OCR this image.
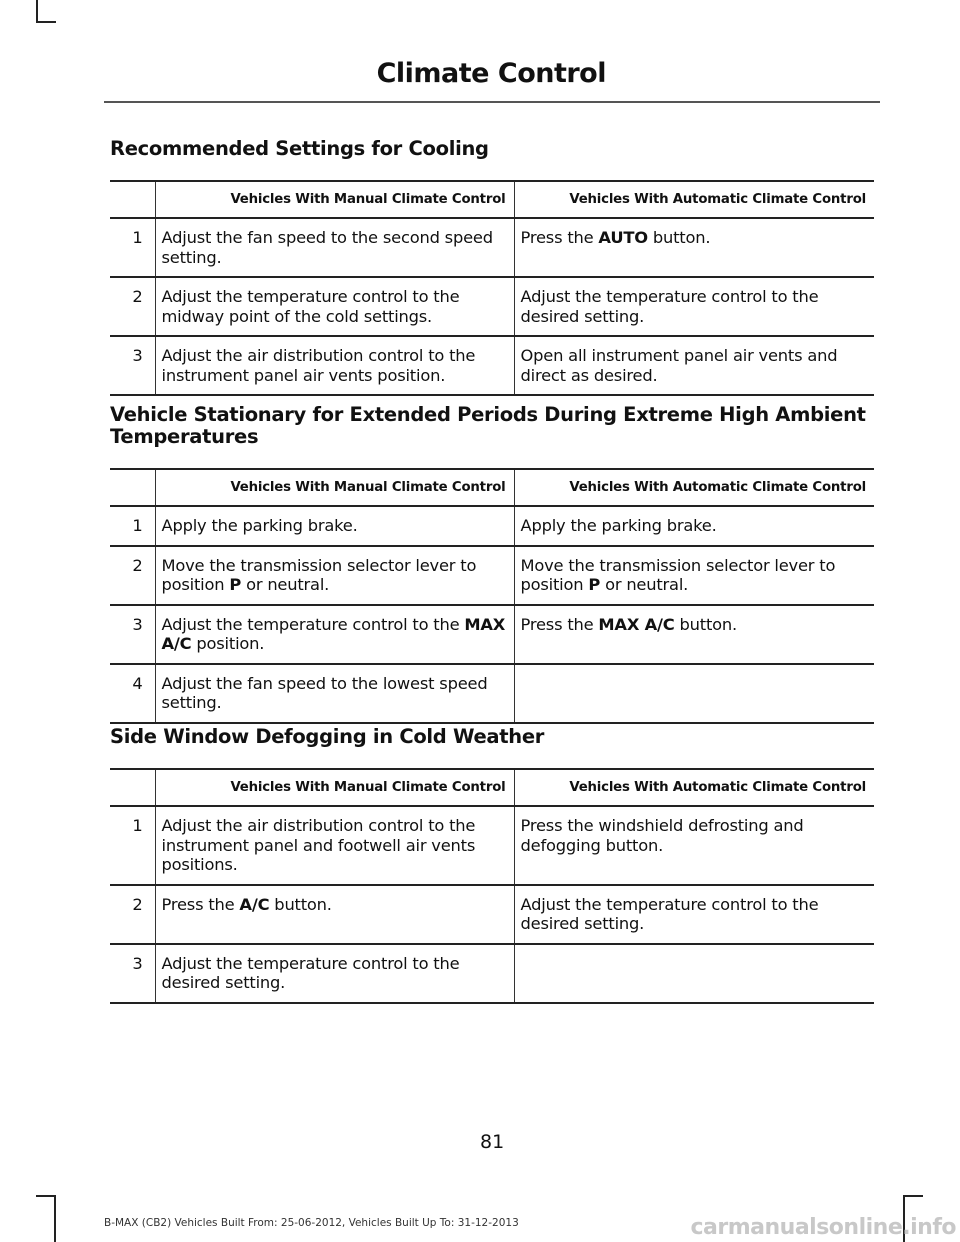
Climate Control
Recommended Settings for Cooling
	Vehicles With Manual Climate Control	Vehicles With Automatic Climate Control
1	Adjust the fan speed to the second speed setting.	Press the AUTO button.
2	Adjust the temperature control to the midway point of the cold settings.	Adjust the temperature control to the desired setting.
3	Adjust the air distribution control to the instrument panel air vents position.	Open all instrument panel air vents and direct as desired.
Vehicle Stationary for Extended Periods During Extreme High Ambient Temperatures
	Vehicles With Manual Climate Control	Vehicles With Automatic Climate Control
1	Apply the parking brake.	Apply the parking brake.
2	Move the transmission selector lever to position P or neutral.	Move the transmission selector lever to position P or neutral.
3	Adjust the temperature control to the MAX A/C position.	Press the MAX A/C button.
4	Adjust the fan speed to the lowest speed setting.	
Side Window Defogging in Cold Weather
	Vehicles With Manual Climate Control	Vehicles With Automatic Climate Control
1	Adjust the air distribution control to the instrument panel and footwell air vents positions.	Press the windshield defrosting and defogging button.
2	Press the A/C button.	Adjust the temperature control to the desired setting.
3	Adjust the temperature control to the desired setting.	
81
B-MAX (CB2) Vehicles Built From: 25-06-2012, Vehicles Built Up To: 31-12-2013	carmanualsonline.info
